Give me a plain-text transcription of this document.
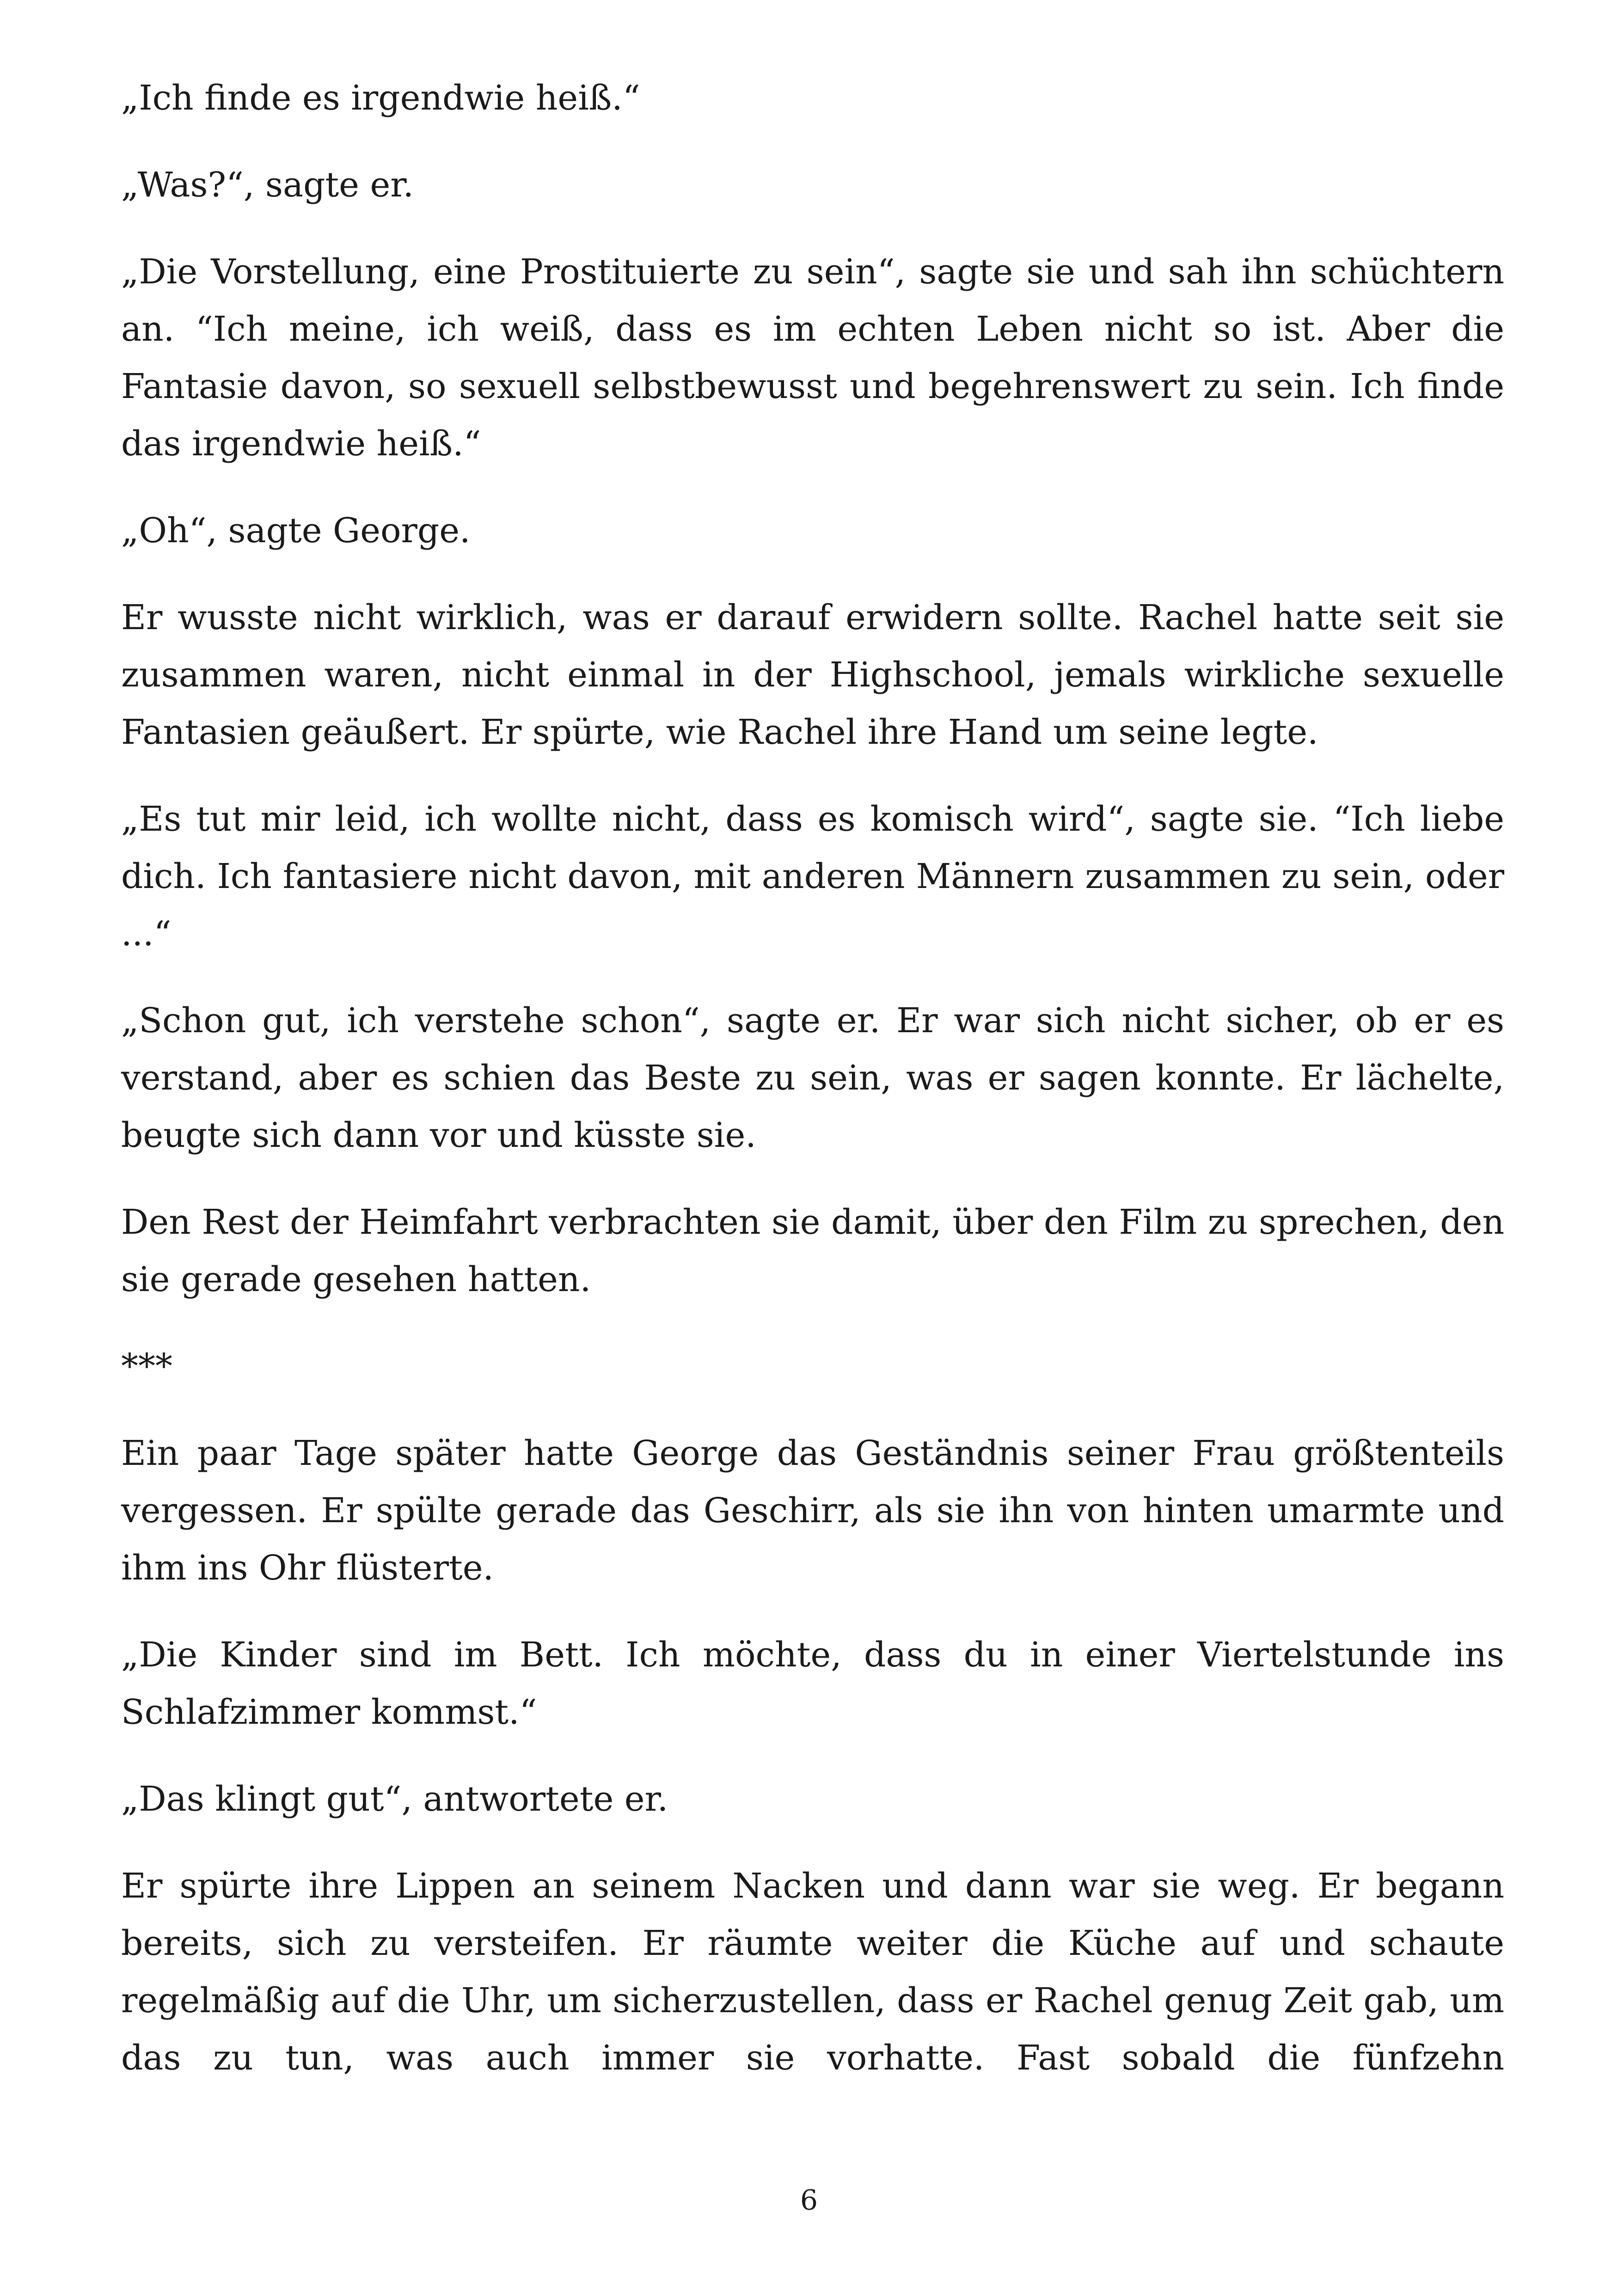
„Ich finde es irgendwie heiß.“

„Was?“, sagte er.

„Die Vorstellung, eine Prostituierte zu sein“, sagte sie und sah ihn schüchtern an. “Ich meine, ich weiß, dass es im echten Leben nicht so ist. Aber die Fantasie davon, so sexuell selbstbewusst und begehrenswert zu sein. Ich finde das irgendwie heiß.“

„Oh“, sagte George.

Er wusste nicht wirklich, was er darauf erwidern sollte. Rachel hatte seit sie zusammen waren, nicht einmal in der Highschool, jemals wirkliche sexuelle Fantasien geäußert. Er spürte, wie Rachel ihre Hand um seine legte.

„Es tut mir leid, ich wollte nicht, dass es komisch wird“, sagte sie. “Ich liebe dich. Ich fantasiere nicht davon, mit anderen Männern zusammen zu sein, oder ...“

„Schon gut, ich verstehe schon“, sagte er. Er war sich nicht sicher, ob er es verstand, aber es schien das Beste zu sein, was er sagen konnte. Er lächelte, beugte sich dann vor und küsste sie.

Den Rest der Heimfahrt verbrachten sie damit, über den Film zu sprechen, den sie gerade gesehen hatten.

***

Ein paar Tage später hatte George das Geständnis seiner Frau größtenteils vergessen. Er spülte gerade das Geschirr, als sie ihn von hinten umarmte und ihm ins Ohr flüsterte.

„Die Kinder sind im Bett. Ich möchte, dass du in einer Viertelstunde ins Schlafzimmer kommst.“

„Das klingt gut“, antwortete er.

Er spürte ihre Lippen an seinem Nacken und dann war sie weg. Er begann bereits, sich zu versteifen. Er räumte weiter die Küche auf und schaute regelmäßig auf die Uhr, um sicherzustellen, dass er Rachel genug Zeit gab, um das zu tun, was auch immer sie vorhatte. Fast sobald die fünfzehn

6
